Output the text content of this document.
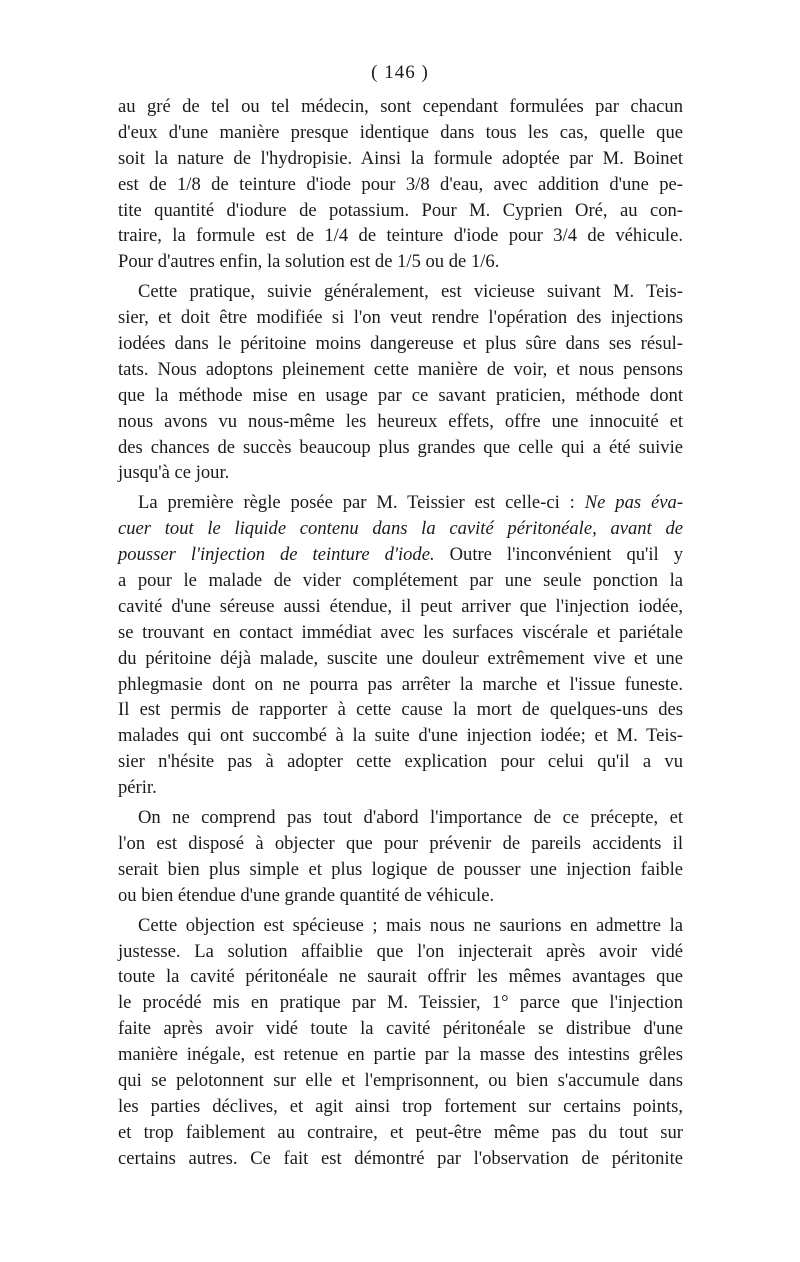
( 146 )
au gré de tel ou tel médecin, sont cependant formulées par chacun
d'eux d'une manière presque identique dans tous les cas, quelle que
soit la nature de l'hydropisie. Ainsi la formule adoptée par M. Boinet
est de 1/8 de teinture d'iode pour 3/8 d'eau, avec addition d'une pe-
tite quantité d'iodure de potassium. Pour M. Cyprien Oré, au con-
traire, la formule est de 1/4 de teinture d'iode pour 3/4 de véhicule.
Pour d'autres enfin, la solution est de 1/5 ou de 1/6.
Cette pratique, suivie généralement, est vicieuse suivant M. Teis-
sier, et doit être modifiée si l'on veut rendre l'opération des injections
iodées dans le péritoine moins dangereuse et plus sûre dans ses résul-
tats. Nous adoptons pleinement cette manière de voir, et nous pensons
que la méthode mise en usage par ce savant praticien, méthode dont
nous avons vu nous-même les heureux effets, offre une innocuité et
des chances de succès beaucoup plus grandes que celle qui a été suivie
jusqu'à ce jour.
La première règle posée par M. Teissier est celle-ci : Ne pas éva-
cuer tout le liquide contenu dans la cavité péritonéale, avant de
pousser l'injection de teinture d'iode. Outre l'inconvénient qu'il y
a pour le malade de vider complétement par une seule ponction la
cavité d'une séreuse aussi étendue, il peut arriver que l'injection iodée,
se trouvant en contact immédiat avec les surfaces viscérale et pariétale
du péritoine déjà malade, suscite une douleur extrêmement vive et une
phlegmasie dont on ne pourra pas arrêter la marche et l'issue funeste.
Il est permis de rapporter à cette cause la mort de quelques-uns des
malades qui ont succombé à la suite d'une injection iodée; et M. Teis-
sier n'hésite pas à adopter cette explication pour celui qu'il a vu
périr.
On ne comprend pas tout d'abord l'importance de ce précepte, et
l'on est disposé à objecter que pour prévenir de pareils accidents il
serait bien plus simple et plus logique de pousser une injection faible
ou bien étendue d'une grande quantité de véhicule.
Cette objection est spécieuse ; mais nous ne saurions en admettre la
justesse. La solution affaiblie que l'on injecterait après avoir vidé
toute la cavité péritonéale ne saurait offrir les mêmes avantages que
le procédé mis en pratique par M. Teissier, 1° parce que l'injection
faite après avoir vidé toute la cavité péritonéale se distribue d'une
manière inégale, est retenue en partie par la masse des intestins grêles
qui se pelotonnent sur elle et l'emprisonnent, ou bien s'accumule dans
les parties déclives, et agit ainsi trop fortement sur certains points,
et trop faiblement au contraire, et peut-être même pas du tout sur
certains autres. Ce fait est démontré par l'observation de péritonite
